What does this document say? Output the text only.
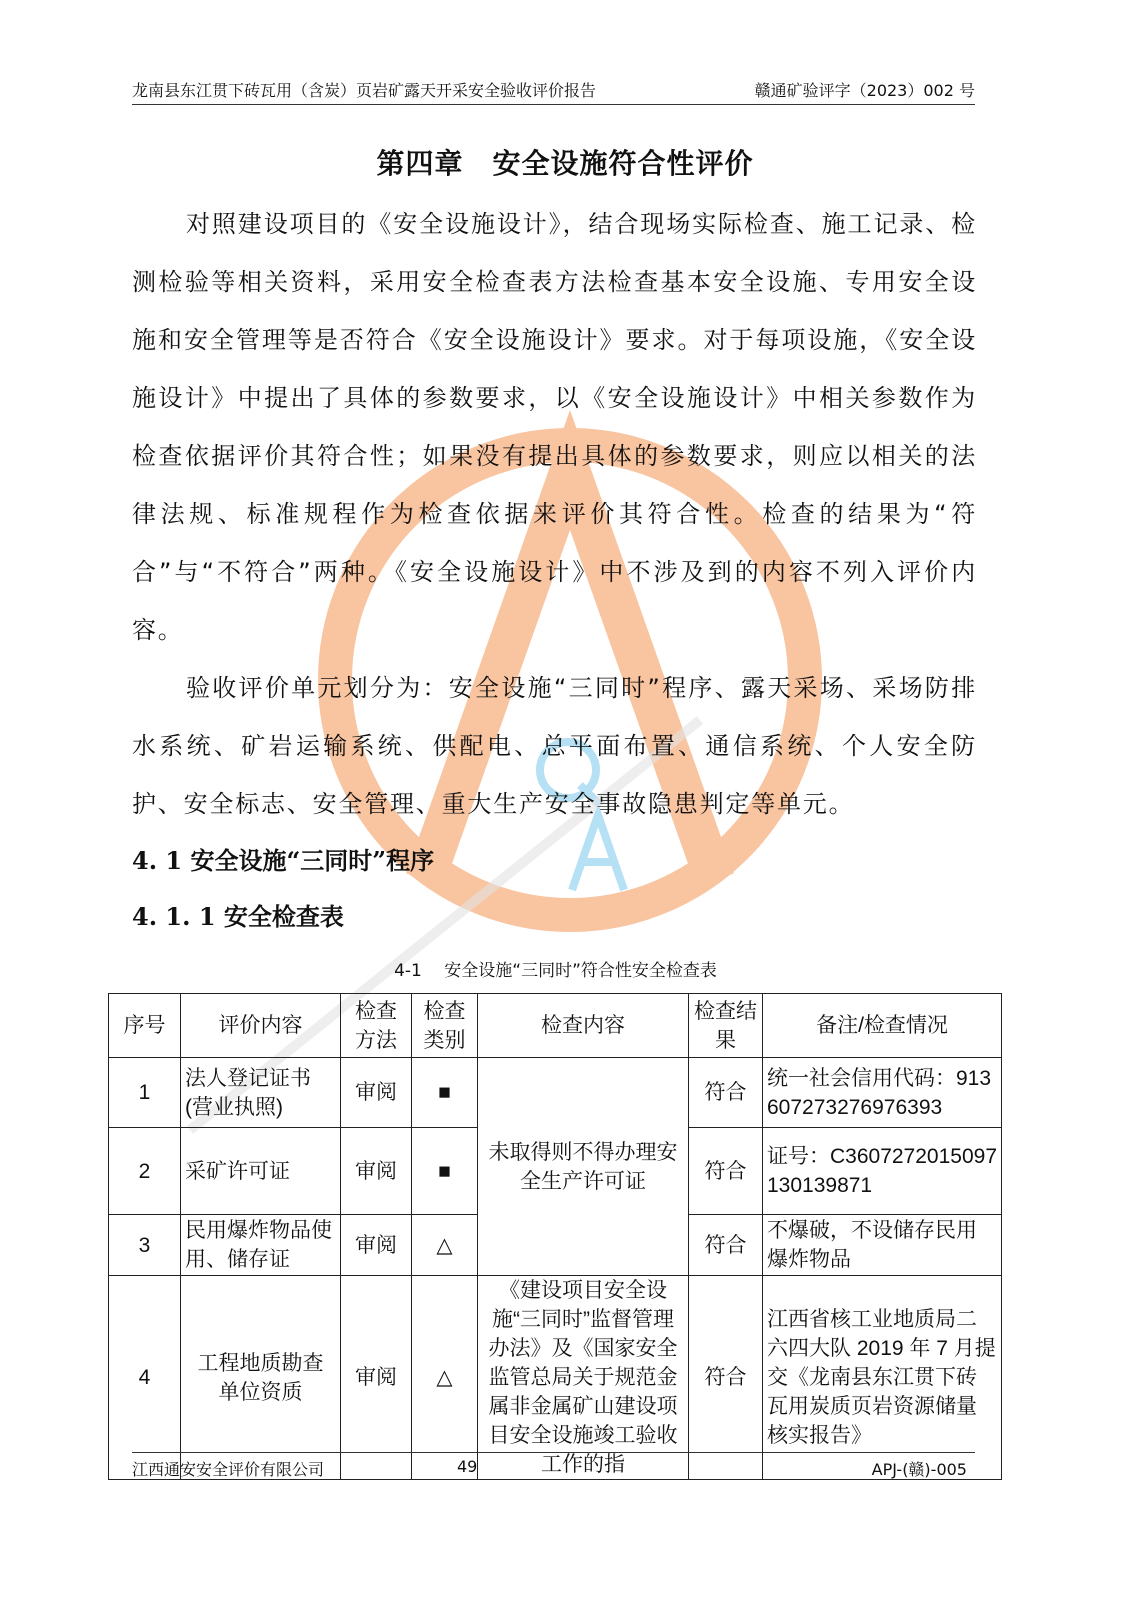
龙南县东江贯下砖瓦用（含炭）页岩矿露天开采安全验收评价报告	赣通矿验评字（2023）002 号
第四章　安全设施符合性评价

对照建设项目的《安全设施设计》，结合现场实际检查、施工记录、检测检验等相关资料，采用安全检查表方法检查基本安全设施、专用安全设施和安全管理等是否符合《安全设施设计》要求。对于每项设施，《安全设施设计》中提出了具体的参数要求，以《安全设施设计》中相关参数作为检查依据评价其符合性；如果没有提出具体的参数要求，则应以相关的法律法规、标准规程作为检查依据来评价其符合性。检查的结果为“符合”与“不符合”两种。《安全设施设计》中不涉及到的内容不列入评价内容。

验收评价单元划分为：安全设施“三同时”程序、露天采场、采场防排水系统、矿岩运输系统、供配电、总平面布置、通信系统、个人安全防护、安全标志、安全管理、重大生产安全事故隐患判定等单元。

4. 1 安全设施“三同时”程序
4. 1. 1 安全检查表
4-1　 安全设施“三同时”符合性安全检查表
序号	评价内容	检查方法	检查类别	检查内容	检查结果	备注/检查情况
1	法人登记证书(营业执照)	审阅	■	未取得则不得办理安全生产许可证	符合	统一社会信用代码：91360727327697639​3
2	采矿许可证	审阅	■		符合	证号：C3607272015097130139871
3	民用爆炸物品使用、储存证	审阅	△		符合	不爆破，不设储存民用爆炸物品
4	工程地质勘查单位资质	审阅	△	《建设项目安全设施“三同时”监督管理办法》及《国家安全监管总局关于规范金属非金属矿山建设项目安全设施竣工验收工作的指	符合	江西省核工业地质局二六四大队 2019 年 7 月提交《龙南县东江贯下砖瓦用炭质页岩资源储量核实报告》
江西通安安全评价有限公司	49	APJ-(赣)-005
